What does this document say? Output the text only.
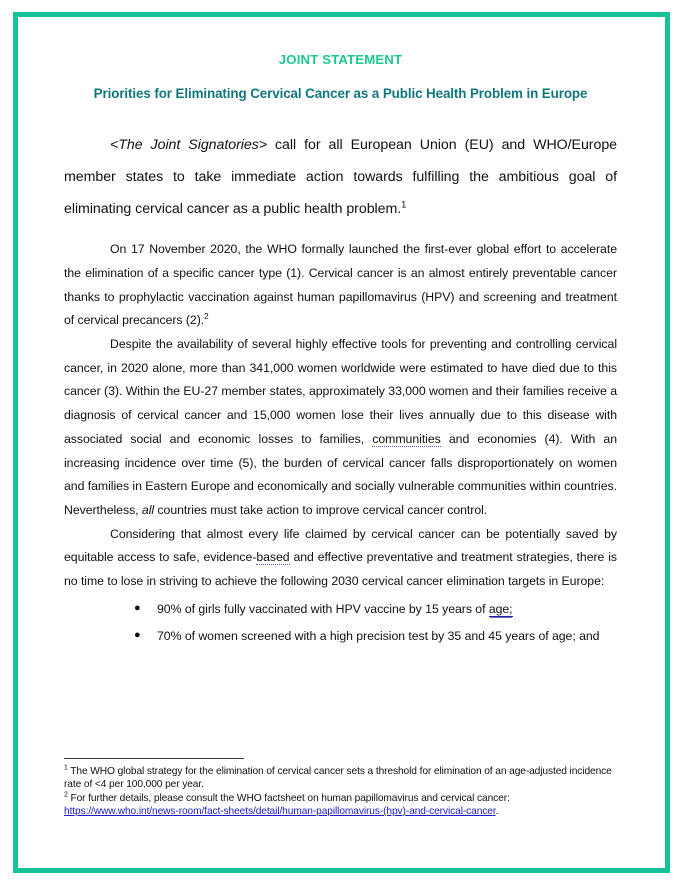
JOINT STATEMENT
Priorities for Eliminating Cervical Cancer as a Public Health Problem in Europe

<The Joint Signatories> call for all European Union (EU) and WHO/Europe member states to take immediate action towards fulfilling the ambitious goal of eliminating cervical cancer as a public health problem.$^1$

On 17 November 2020, the WHO formally launched the first-ever global effort to accelerate the elimination of a specific cancer type (1). Cervical cancer is an almost entirely preventable cancer thanks to prophylactic vaccination against human papillomavirus (HPV) and screening and treatment of cervical precancers (2).$^2$

Despite the availability of several highly effective tools for preventing and controlling cervical cancer, in 2020 alone, more than 341,000 women worldwide were estimated to have died due to this cancer (3). Within the EU-27 member states, approximately 33,000 women and their families receive a diagnosis of cervical cancer and 15,000 women lose their lives annually due to this disease with associated social and economic losses to families, communities and economies (4). With an increasing incidence over time (5), the burden of cervical cancer falls disproportionately on women and families in Eastern Europe and economically and socially vulnerable communities within countries. Nevertheless, all countries must take action to improve cervical cancer control.

Considering that almost every life claimed by cervical cancer can be potentially saved by equitable access to safe, evidence-based and effective preventative and treatment strategies, there is no time to lose in striving to achieve the following 2030 cervical cancer elimination targets in Europe:

● 90% of girls fully vaccinated with HPV vaccine by 15 years of age;
● 70% of women screened with a high precision test by 35 and 45 years of age; and

$^1$ The WHO global strategy for the elimination of cervical cancer sets a threshold for elimination of an age-adjusted incidence rate of <4 per 100,000 per year.

$^2$ For further details, please consult the WHO factsheet on human papillomavirus and cervical cancer: https://www.who.int/news-room/fact-sheets/detail/human-papillomavirus-(hpv)-and-cervical-cancer.
